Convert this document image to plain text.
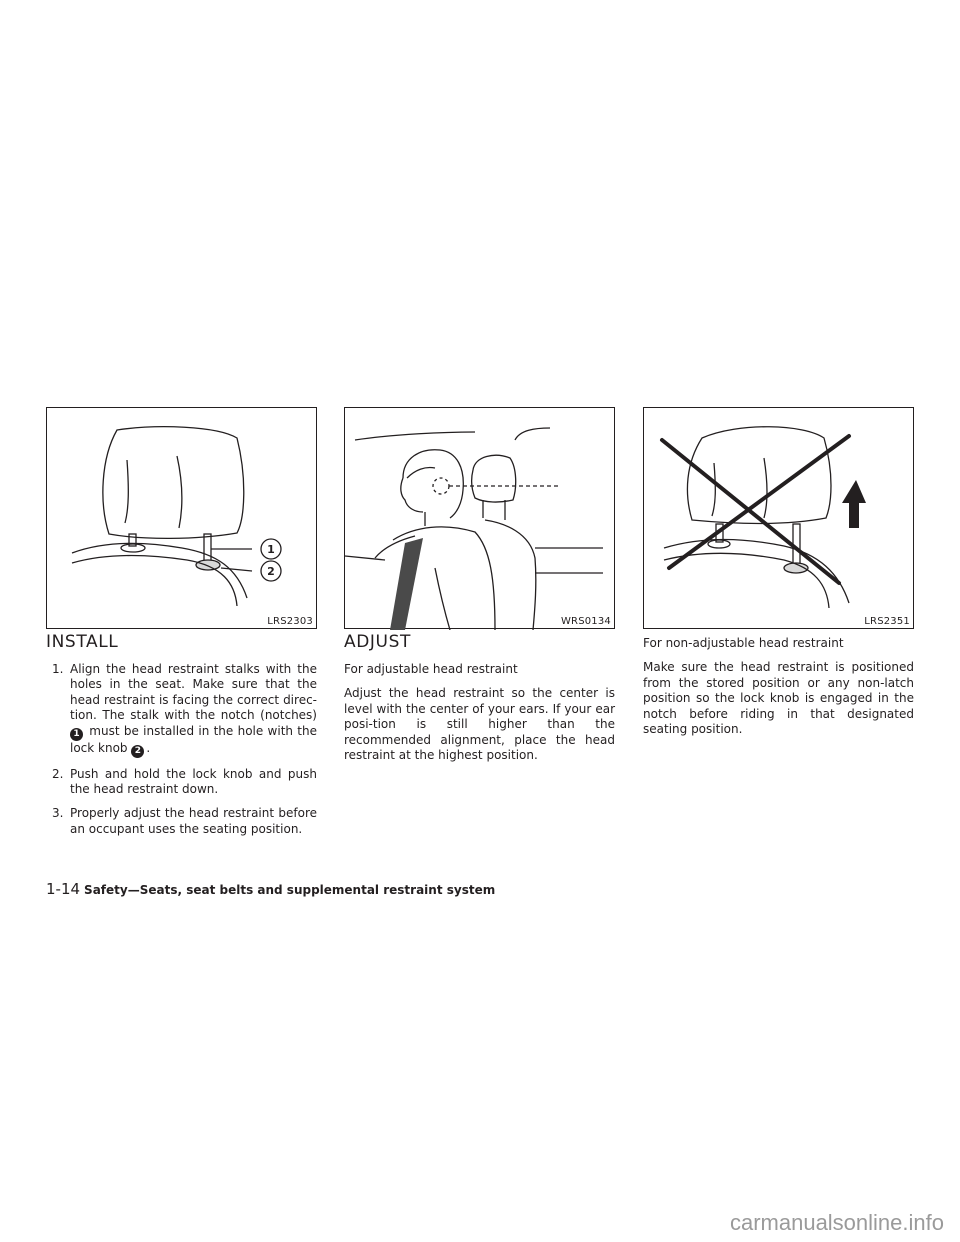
1
2
LRS2303	WRS0134	LRS2351
INSTALL
1. Align the head restraint stalks with the holes in the seat. Make sure that the head restraint is facing the correct direc-tion. The stalk with the notch (notches) 1 must be installed in the hole with the lock knob 2 .
2. Push and hold the lock knob and push the head restraint down.
3. Properly adjust the head restraint before an occupant uses the seating position.
ADJUST

For adjustable head restraint

Adjust the head restraint so the center is level with the center of your ears. If your ear posi-tion is still higher than the recommended alignment, place the head restraint at the highest position.

For non-adjustable head restraint

Make sure the head restraint is positioned from the stored position or any non-latch position so the lock knob is engaged in the notch before riding in that designated seating position.

1-14 Safety—Seats, seat belts and supplemental restraint system
carmanualsonline.info
